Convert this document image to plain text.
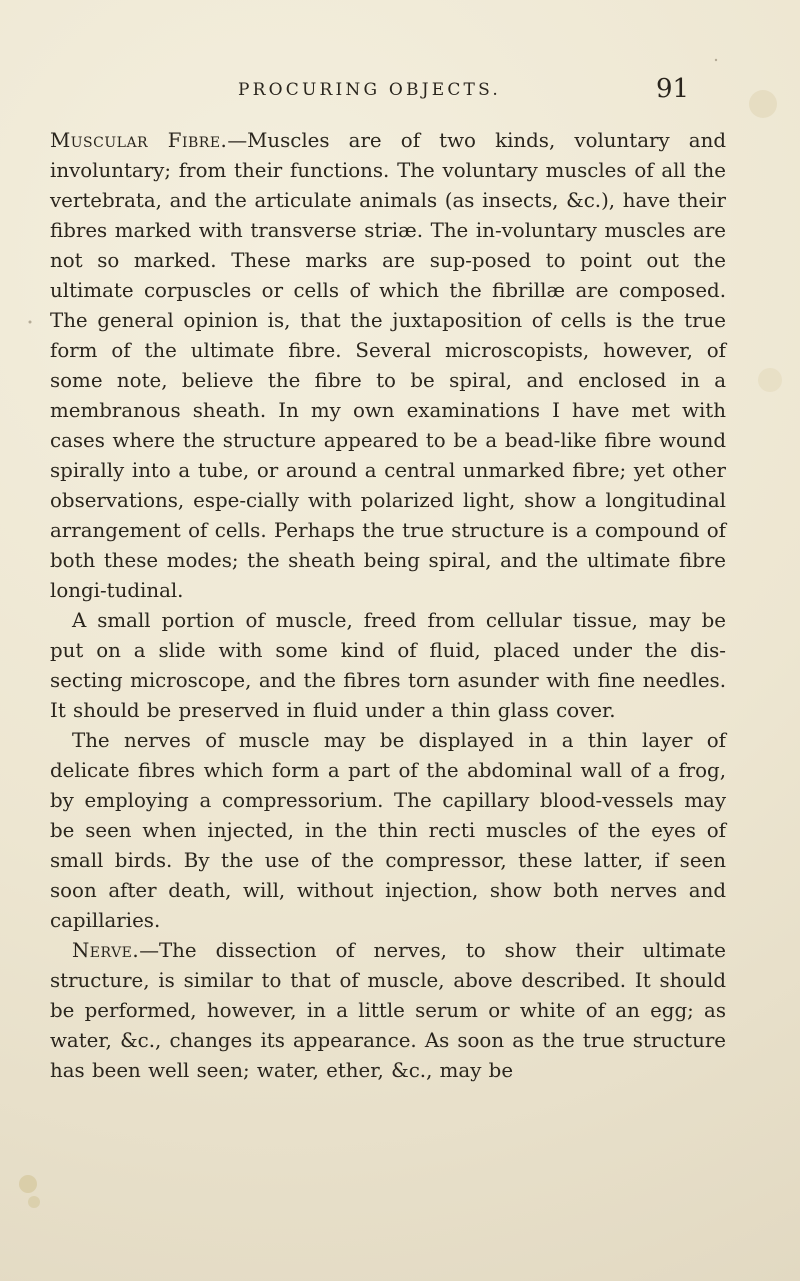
PROCURING OBJECTS.	91

Muscular Fibre.—Muscles are of two kinds, voluntary and involuntary; from their functions. The voluntary muscles of all the vertebrata, and the articulate animals (as insects, &c.), have their fibres marked with transverse striæ. The in-voluntary muscles are not so marked. These marks are sup-posed to point out the ultimate corpuscles or cells of which the fibrillæ are composed. The general opinion is, that the juxtaposition of cells is the true form of the ultimate fibre. Several microscopists, however, of some note, believe the fibre to be spiral, and enclosed in a membranous sheath. In my own examinations I have met with cases where the structure appeared to be a bead-like fibre wound spirally into a tube, or around a central unmarked fibre; yet other observations, espe-cially with polarized light, show a longitudinal arrangement of cells. Perhaps the true structure is a compound of both these modes; the sheath being spiral, and the ultimate fibre longi-tudinal.

A small portion of muscle, freed from cellular tissue, may be put on a slide with some kind of fluid, placed under the dis-secting microscope, and the fibres torn asunder with fine needles. It should be preserved in fluid under a thin glass cover.

The nerves of muscle may be displayed in a thin layer of delicate fibres which form a part of the abdominal wall of a frog, by employing a compressorium. The capillary blood-vessels may be seen when injected, in the thin recti muscles of the eyes of small birds. By the use of the compressor, these latter, if seen soon after death, will, without injection, show both nerves and capillaries.

Nerve.—The dissection of nerves, to show their ultimate structure, is similar to that of muscle, above described. It should be performed, however, in a little serum or white of an egg; as water, &c., changes its appearance. As soon as the true structure has been well seen; water, ether, &c., may be
